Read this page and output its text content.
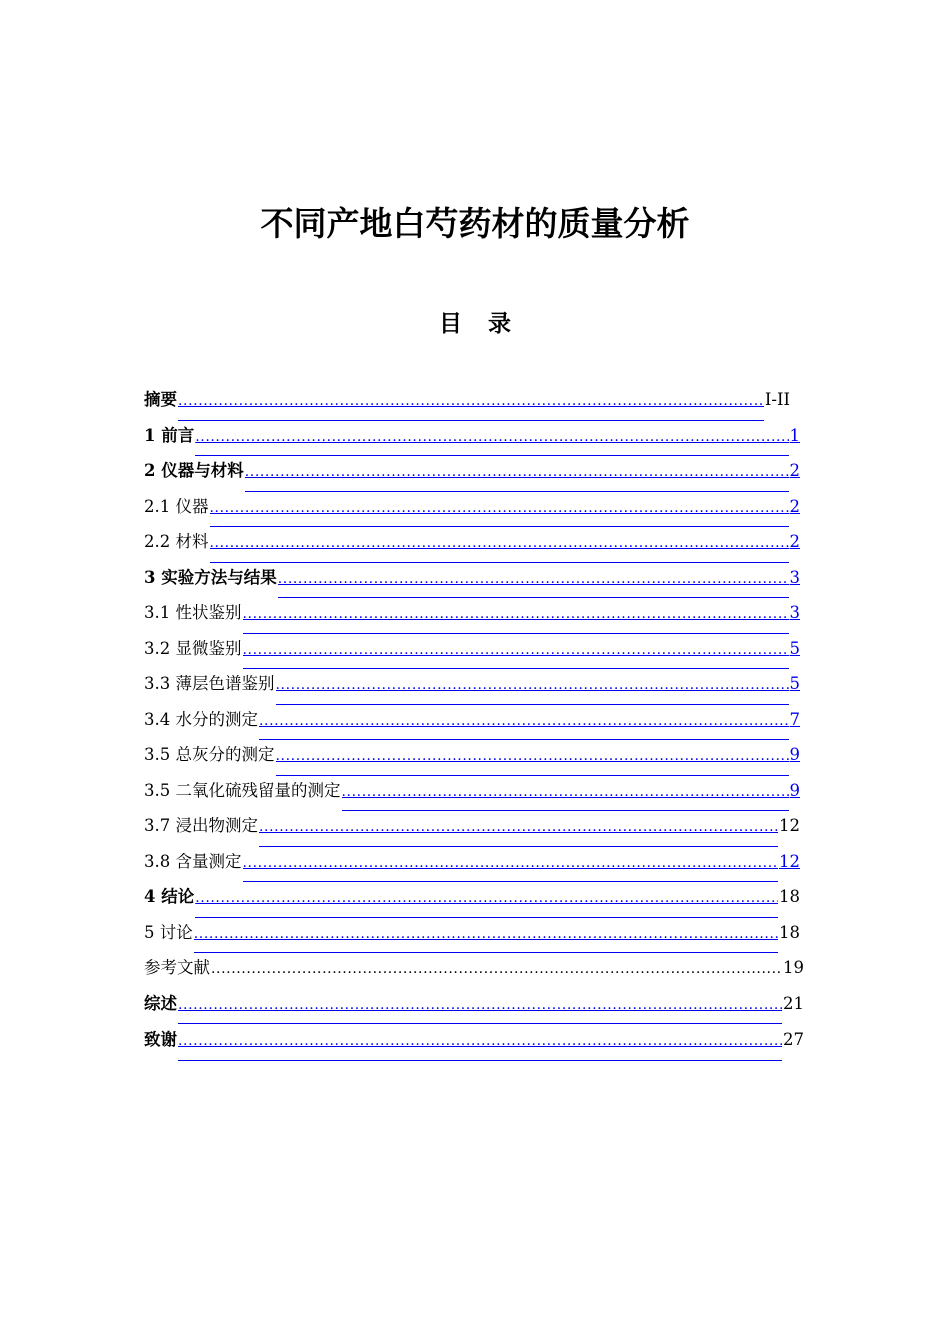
不同产地白芍药材的质量分析
目 录
摘要 .....	I-II
1 前言 .....	1
2 仪器与材料 .....	2
2.1 仪器 .....	2
2.2 材料 .....	2
3 实验方法与结果 .....	3
3.1 性状鉴别 .....	3
3.2 显微鉴别 .....	5
3.3 薄层色谱鉴别 .....	5
3.4 水分的测定 .....	7
3.5 总灰分的测定 .....	9
3.5 二氧化硫残留量的测定 .....	9
3.7 浸出物测定 .....	12
3.8 含量测定 .....	12
4 结论 .....	18
5 讨论 .....	18
参考文献 .....	19
综述 .....	21
致谢 .....	27
